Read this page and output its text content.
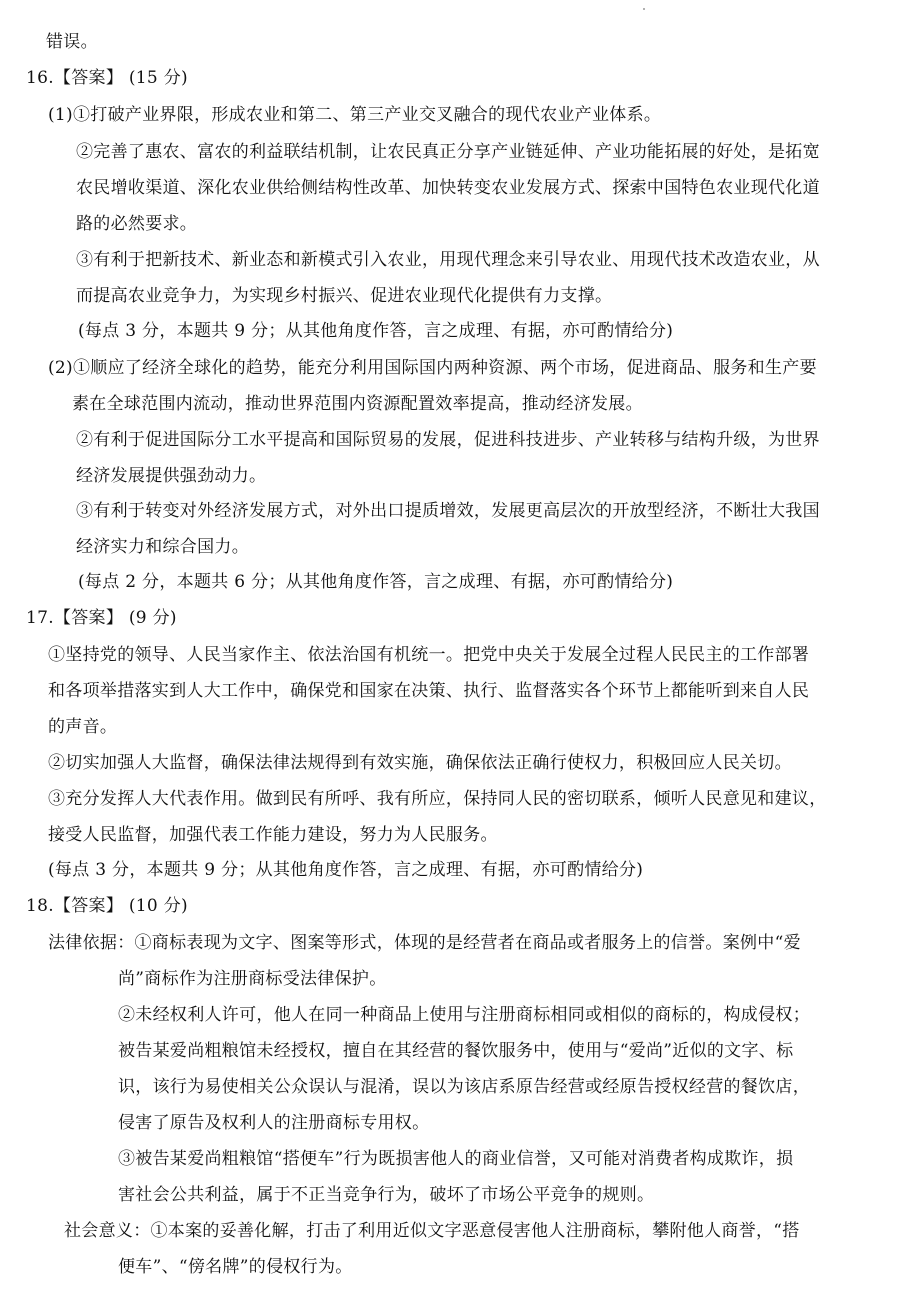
错误。
16.【答案】 (15 分)
(1)①打破产业界限，形成农业和第二、第三产业交叉融合的现代农业产业体系。
②完善了惠农、富农的利益联结机制，让农民真正分享产业链延伸、产业功能拓展的好处，是拓宽
农民增收渠道、深化农业供给侧结构性改革、加快转变农业发展方式、探索中国特色农业现代化道
路的必然要求。
③有利于把新技术、新业态和新模式引入农业，用现代理念来引导农业、用现代技术改造农业，从
而提高农业竞争力，为实现乡村振兴、促进农业现代化提供有力支撑。
(每点 3 分，本题共 9 分；从其他角度作答，言之成理、有据，亦可酌情给分)
(2)①顺应了经济全球化的趋势，能充分利用国际国内两种资源、两个市场，促进商品、服务和生产要
素在全球范围内流动，推动世界范围内资源配置效率提高，推动经济发展。
②有利于促进国际分工水平提高和国际贸易的发展，促进科技进步、产业转移与结构升级，为世界
经济发展提供强劲动力。
③有利于转变对外经济发展方式，对外出口提质增效，发展更高层次的开放型经济，不断壮大我国
经济实力和综合国力。
(每点 2 分，本题共 6 分；从其他角度作答，言之成理、有据，亦可酌情给分)
17.【答案】 (9 分)
①坚持党的领导、人民当家作主、依法治国有机统一。把党中央关于发展全过程人民民主的工作部署
和各项举措落实到人大工作中，确保党和国家在决策、执行、监督落实各个环节上都能听到来自人民
的声音。
②切实加强人大监督，确保法律法规得到有效实施，确保依法正确行使权力，积极回应人民关切。
③充分发挥人大代表作用。做到民有所呼、我有所应，保持同人民的密切联系，倾听人民意见和建议，
接受人民监督，加强代表工作能力建设，努力为人民服务。
(每点 3 分，本题共 9 分；从其他角度作答，言之成理、有据，亦可酌情给分)
18.【答案】 (10 分)
法律依据：①商标表现为文字、图案等形式，体现的是经营者在商品或者服务上的信誉。案例中“爱
尚”商标作为注册商标受法律保护。
②未经权利人许可，他人在同一种商品上使用与注册商标相同或相似的商标的，构成侵权；
被告某爱尚粗粮馆未经授权，擅自在其经营的餐饮服务中，使用与“爱尚”近似的文字、标
识，该行为易使相关公众误认与混淆，误以为该店系原告经营或经原告授权经营的餐饮店，
侵害了原告及权利人的注册商标专用权。
③被告某爱尚粗粮馆“搭便车”行为既损害他人的商业信誉，又可能对消费者构成欺诈，损
害社会公共利益，属于不正当竞争行为，破坏了市场公平竞争的规则。
社会意义：①本案的妥善化解，打击了利用近似文字恶意侵害他人注册商标，攀附他人商誉，“搭
便车”、“傍名牌”的侵权行为。
